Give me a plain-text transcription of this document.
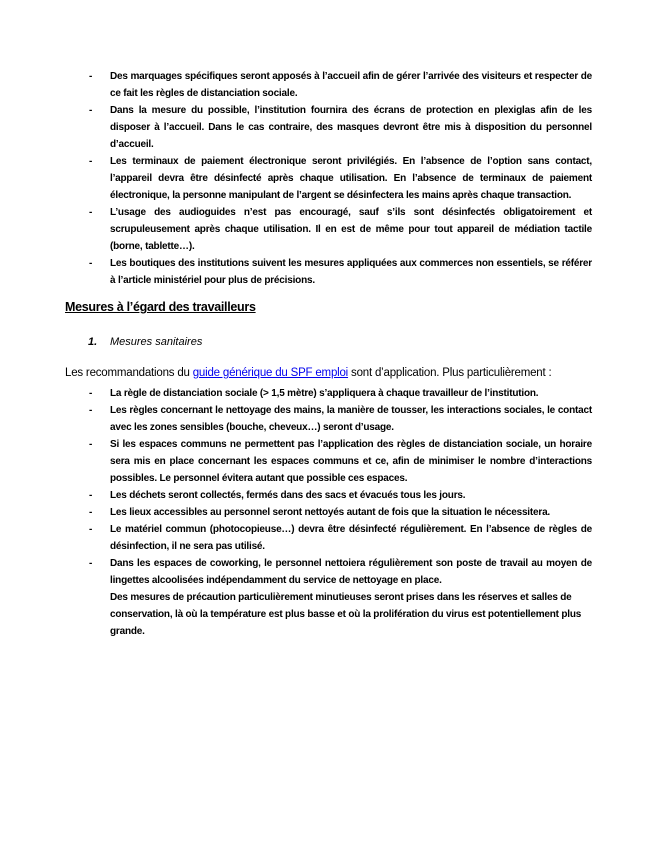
- Des marquages spécifiques seront apposés à l’accueil afin de gérer l’arrivée des visiteurs et respecter de ce fait les règles de distanciation sociale.
- Dans la mesure du possible, l’institution fournira des écrans de protection en plexiglas afin de les disposer à l’accueil. Dans le cas contraire, des masques devront être mis à disposition du personnel d’accueil.
- Les terminaux de paiement électronique seront privilégiés. En l’absence de l’option sans contact, l’appareil devra être désinfecté après chaque utilisation. En l’absence de terminaux de paiement électronique, la personne manipulant de l’argent se désinfectera les mains après chaque transaction.
- L’usage des audioguides n’est pas encouragé, sauf s’ils sont désinfectés obligatoirement et scrupuleusement après chaque utilisation. Il en est de même pour tout appareil de médiation tactile (borne, tablette…).
- Les boutiques des institutions suivent les mesures appliquées aux commerces non essentiels, se référer à l’article ministériel pour plus de précisions.
Mesures à l’égard des travailleurs
1. Mesures sanitaires

Les recommandations du guide générique du SPF emploi sont d’application. Plus particulièrement :

- La règle de distanciation sociale (> 1,5 mètre) s’appliquera à chaque travailleur de l’institution.
- Les règles concernant le nettoyage des mains, la manière de tousser, les interactions sociales, le contact avec les zones sensibles (bouche, cheveux…) seront d’usage.
- Si les espaces communs ne permettent pas l’application des règles de distanciation sociale, un horaire sera mis en place concernant les espaces communs et ce, afin de minimiser le nombre d’interactions possibles. Le personnel évitera autant que possible ces espaces.
- Les déchets seront collectés, fermés dans des sacs et évacués tous les jours.
- Les lieux accessibles au personnel seront nettoyés autant de fois que la situation le nécessitera.
- Le matériel commun (photocopieuse…) devra être désinfecté régulièrement. En l’absence de règles de désinfection, il ne sera pas utilisé.
- Dans les espaces de coworking, le personnel nettoiera régulièrement son poste de travail au moyen de lingettes alcoolisées indépendamment du service de nettoyage en place.
Des mesures de précaution particulièrement minutieuses seront prises dans les réserves et salles de conservation, là où la température est plus basse et où la prolifération du virus est potentiellement plus grande.
